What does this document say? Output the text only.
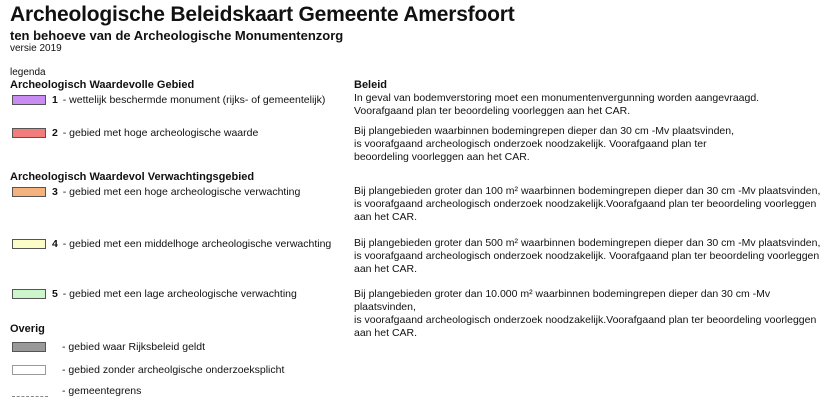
Archeologische Beleidskaart Gemeente Amersfoort
ten behoeve van de Archeologische Monumentenzorg
versie 2019
legenda
Archeologisch Waardevolle Gebied
1 - wettelijk beschermde monument (rijks- of gemeentelijk)
2 - gebied met hoge archeologische waarde
Archeologisch Waardevol Verwachtingsgebied
3 - gebied met een hoge archeologische verwachting
4 - gebied met een middelhoge archeologische verwachting
5 - gebied met een lage archeologische verwachting
Overig
- gebied waar Rijksbeleid geldt
- gebied zonder archeolgische onderzoeksplicht
- gemeentegrens
Beleid
In geval van bodemverstoring moet een monumentenvergunning worden aangevraagd.
Voorafgaand plan ter beoordeling voorleggen aan het CAR.
Bij plangebieden waarbinnen bodemingrepen dieper dan 30 cm -Mv plaatsvinden,
is voorafgaand archeologisch onderzoek noodzakelijk. Voorafgaand plan ter
beoordeling voorleggen aan het CAR.
Bij plangebieden groter dan 100 m² waarbinnen bodemingrepen dieper dan 30 cm -Mv plaatsvinden,
is voorafgaand archeologisch onderzoek noodzakelijk.Voorafgaand plan ter beoordeling voorleggen
aan het CAR.
Bij plangebieden groter dan 500 m² waarbinnen bodemingrepen dieper dan 30 cm -Mv plaatsvinden,
is voorafgaand archeologisch onderzoek noodzakelijk. Voorafgaand plan ter beoordeling voorleggen
aan het CAR.
Bij plangebieden groter dan 10.000 m² waarbinnen bodemingrepen dieper dan 30 cm -Mv plaatsvinden,
is voorafgaand archeologisch onderzoek noodzakelijk.Voorafgaand plan ter beoordeling voorleggen
aan het CAR.
